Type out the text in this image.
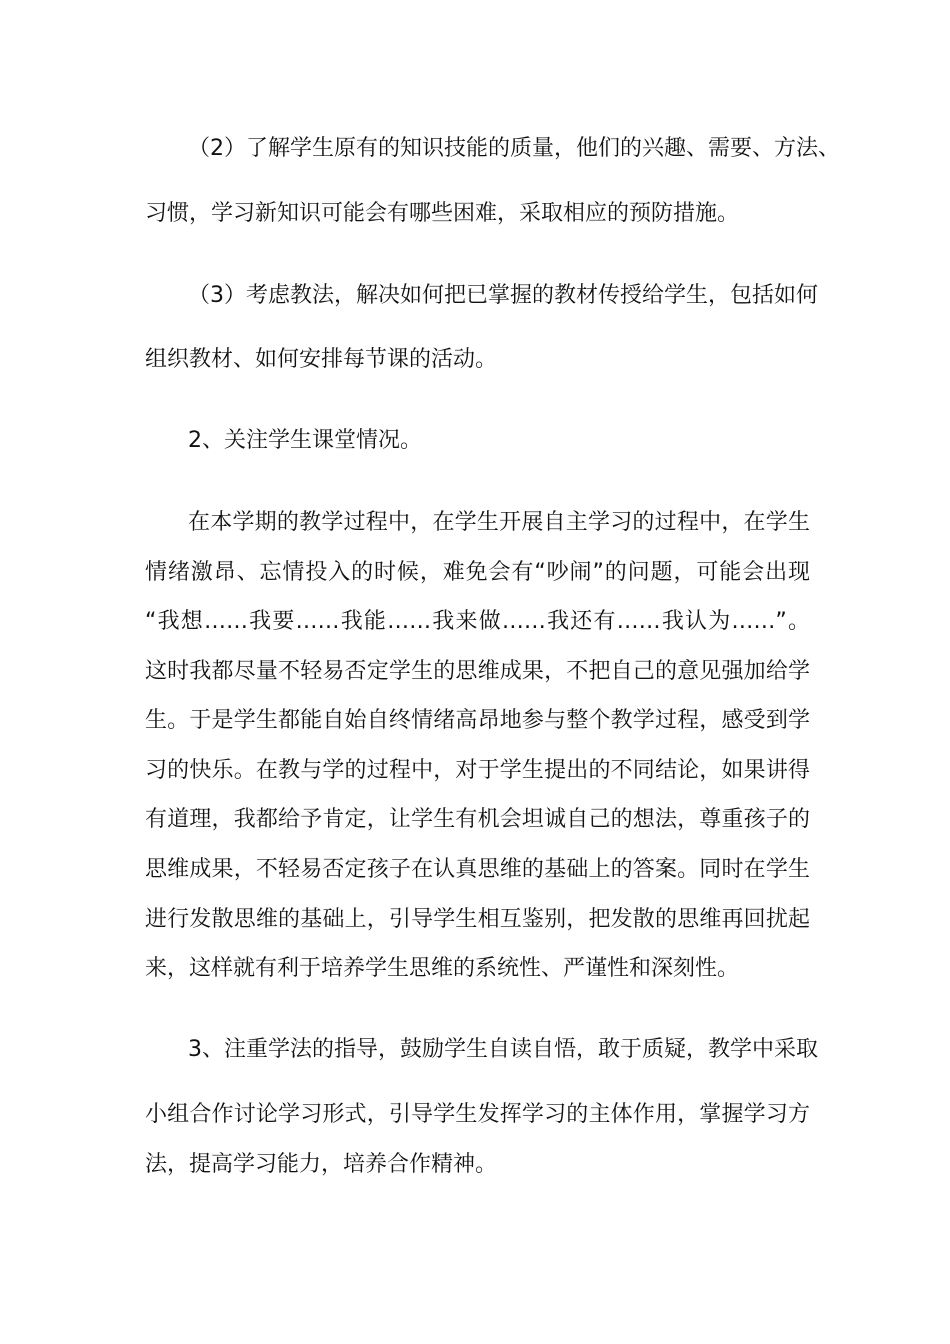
（2）了解学生原有的知识技能的质量，他们的兴趣、需要、方法、
习惯，学习新知识可能会有哪些困难，采取相应的预防措施。
（3）考虑教法，解决如何把已掌握的教材传授给学生，包括如何
组织教材、如何安排每节课的活动。
2、关注学生课堂情况。
在本学期的教学过程中，在学生开展自主学习的过程中，在学生
情绪激昂、忘情投入的时候，难免会有“吵闹”的问题，可能会出现
“我想……我要……我能……我来做……我还有……我认为……”。
这时我都尽量不轻易否定学生的思维成果，不把自己的意见强加给学
生。于是学生都能自始自终情绪高昂地参与整个教学过程，感受到学
习的快乐。在教与学的过程中，对于学生提出的不同结论，如果讲得
有道理，我都给予肯定，让学生有机会坦诚自己的想法，尊重孩子的
思维成果，不轻易否定孩子在认真思维的基础上的答案。同时在学生
进行发散思维的基础上，引导学生相互鉴别，把发散的思维再回扰起
来，这样就有利于培养学生思维的系统性、严谨性和深刻性。
3、注重学法的指导，鼓励学生自读自悟，敢于质疑，教学中采取
小组合作讨论学习形式，引导学生发挥学习的主体作用，掌握学习方
法，提高学习能力，培养合作精神。
